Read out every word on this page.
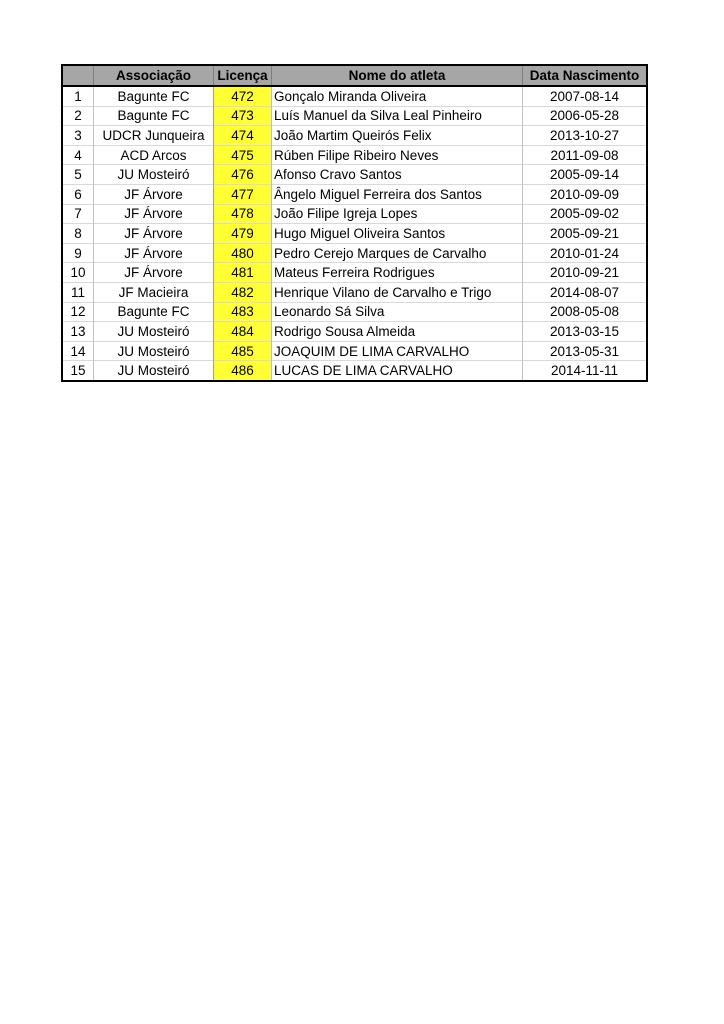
	Associação	Licença	Nome do atleta	Data Nascimento
1	Bagunte FC	472	Gonçalo Miranda Oliveira	2007-08-14
2	Bagunte FC	473	Luís Manuel da Silva Leal Pinheiro	2006-05-28
3	UDCR Junqueira	474	João Martim Queirós Felix	2013-10-27
4	ACD Arcos	475	Rúben Filipe Ribeiro Neves	2011-09-08
5	JU Mosteiró	476	Afonso Cravo Santos	2005-09-14
6	JF Árvore	477	Ângelo Miguel Ferreira dos Santos	2010-09-09
7	JF Árvore	478	João Filipe Igreja Lopes	2005-09-02
8	JF Árvore	479	Hugo Miguel Oliveira Santos	2005-09-21
9	JF Árvore	480	Pedro Cerejo Marques de Carvalho	2010-01-24
10	JF Árvore	481	Mateus Ferreira Rodrigues	2010-09-21
11	JF Macieira	482	Henrique Vilano de Carvalho e Trigo	2014-08-07
12	Bagunte FC	483	Leonardo Sá Silva	2008-05-08
13	JU Mosteiró	484	Rodrigo Sousa Almeida	2013-03-15
14	JU Mosteiró	485	JOAQUIM DE LIMA CARVALHO	2013-05-31
15	JU Mosteiró	486	LUCAS DE LIMA CARVALHO	2014-11-11
